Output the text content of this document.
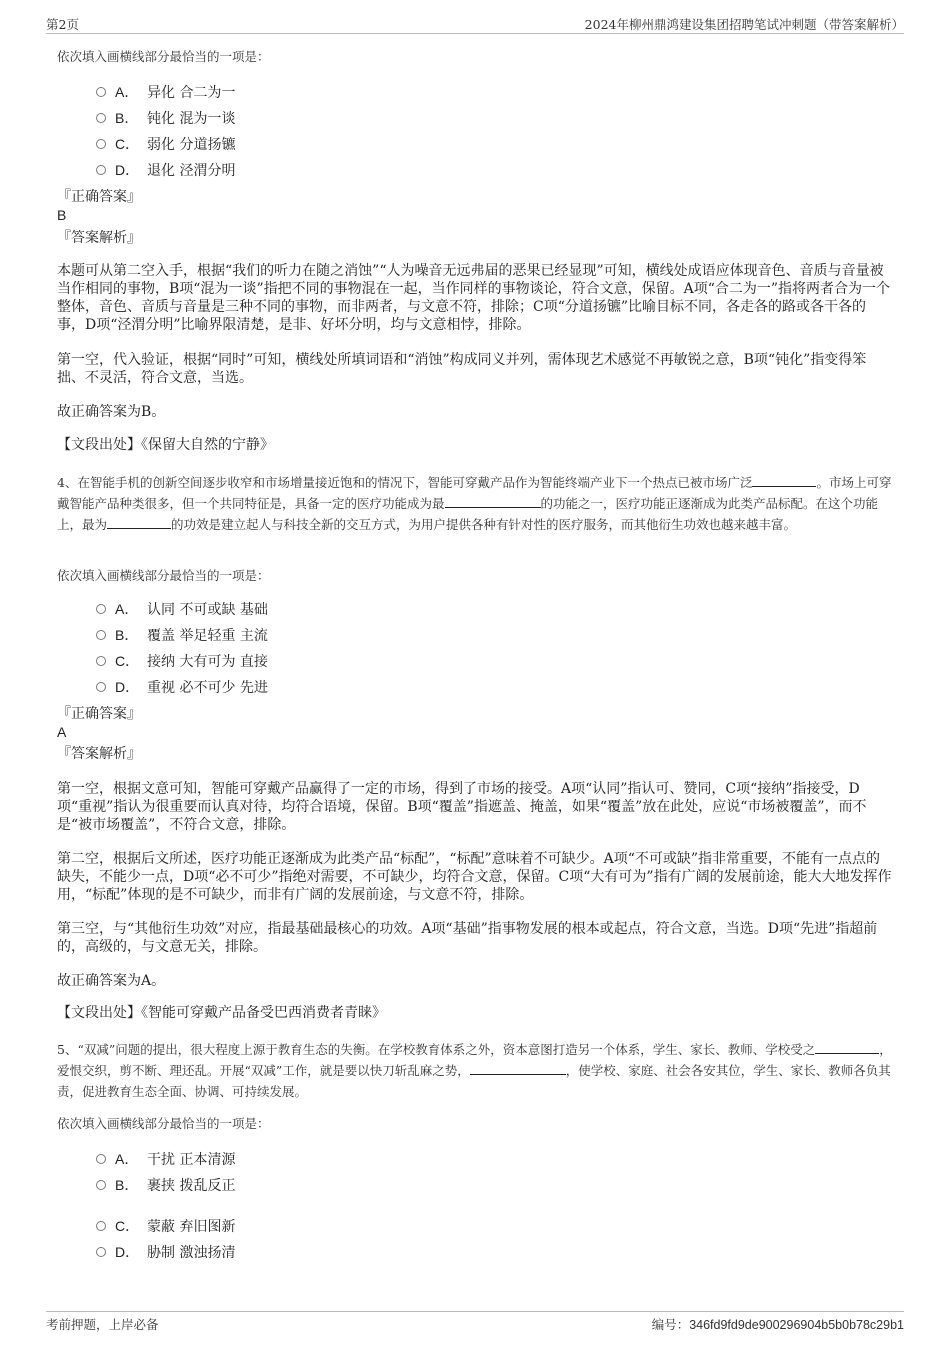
第2页	2024年柳州鼎鸿建设集团招聘笔试冲刺题（带答案解析）
依次填入画横线部分最恰当的一项是：
A． 异化 合二为一
B． 钝化 混为一谈
C． 弱化 分道扬镳
D． 退化 泾渭分明
『正确答案』
B
『答案解析』
本题可从第二空入手，根据“我们的听力在随之消蚀”“人为噪音无远弗届的恶果已经显现”可知，横线处成语应体现音色、音质与音量被当作相同的事物，B项“混为一谈”指把不同的事物混在一起，当作同样的事物谈论，符合文意，保留。A项“合二为一”指将两者合为一个整体，音色、音质与音量是三种不同的事物，而非两者，与文意不符，排除；C项“分道扬镳”比喻目标不同，各走各的路或各干各的事，D项“泾渭分明”比喻界限清楚，是非、好坏分明，均与文意相悖，排除。
第一空，代入验证，根据“同时”可知，横线处所填词语和“消蚀”构成同义并列，需体现艺术感觉不再敏锐之意，B项“钝化”指变得笨拙、不灵活，符合文意，当选。
故正确答案为B。
【文段出处】《保留大自然的宁静》
4、在智能手机的创新空间逐步收窄和市场增量接近饱和的情况下，智能可穿戴产品作为智能终端产业下一个热点已被市场广泛	。市场上可穿戴智能产品种类很多，但一个共同特征是，具备一定的医疗功能成为最	的功能之一，医疗功能正逐渐成为此类产品标配。在这个功能上，最为	的功效是建立起人与科技全新的交互方式，为用户提供各种有针对性的医疗服务，而其他衍生功效也越来越丰富。
依次填入画横线部分最恰当的一项是：
A． 认同 不可或缺 基础
B． 覆盖 举足轻重 主流
C． 接纳 大有可为 直接
D． 重视 必不可少 先进
『正确答案』
A
『答案解析』
第一空，根据文意可知，智能可穿戴产品赢得了一定的市场，得到了市场的接受。A项“认同”指认可、赞同，C项“接纳”指接受，D项“重视”指认为很重要而认真对待，均符合语境，保留。B项“覆盖”指遮盖、掩盖，如果“覆盖”放在此处，应说“市场被覆盖”，而不是“被市场覆盖”，不符合文意，排除。
第二空，根据后文所述，医疗功能正逐渐成为此类产品“标配”，“标配”意味着不可缺少。A项“不可或缺”指非常重要，不能有一点点的缺失，不能少一点，D项“必不可少”指绝对需要，不可缺少，均符合文意，保留。C项“大有可为”指有广阔的发展前途，能大大地发挥作用，“标配”体现的是不可缺少，而非有广阔的发展前途，与文意不符，排除。
第三空，与“其他衍生功效”对应，指最基础最核心的功效。A项“基础”指事物发展的根本或起点，符合文意，当选。D项“先进”指超前的，高级的，与文意无关，排除。
故正确答案为A。
【文段出处】《智能可穿戴产品备受巴西消费者青睐》
5、“双减”问题的提出，很大程度上源于教育生态的失衡。在学校教育体系之外，资本意图打造另一个体系，学生、家长、教师、学校受之	，爱恨交织，剪不断、理还乱。开展“双减”工作，就是要以快刀斩乱麻之势，	，使学校、家庭、社会各安其位，学生、家长、教师各负其责，促进教育生态全面、协调、可持续发展。
依次填入画横线部分最恰当的一项是：
A． 干扰 正本清源
B． 裹挟 拨乱反正
C． 蒙蔽 弃旧图新
D． 胁制 激浊扬清
考前押题，上岸必备	编号：346fd9fd9de900296904b5b0b78c29b1
